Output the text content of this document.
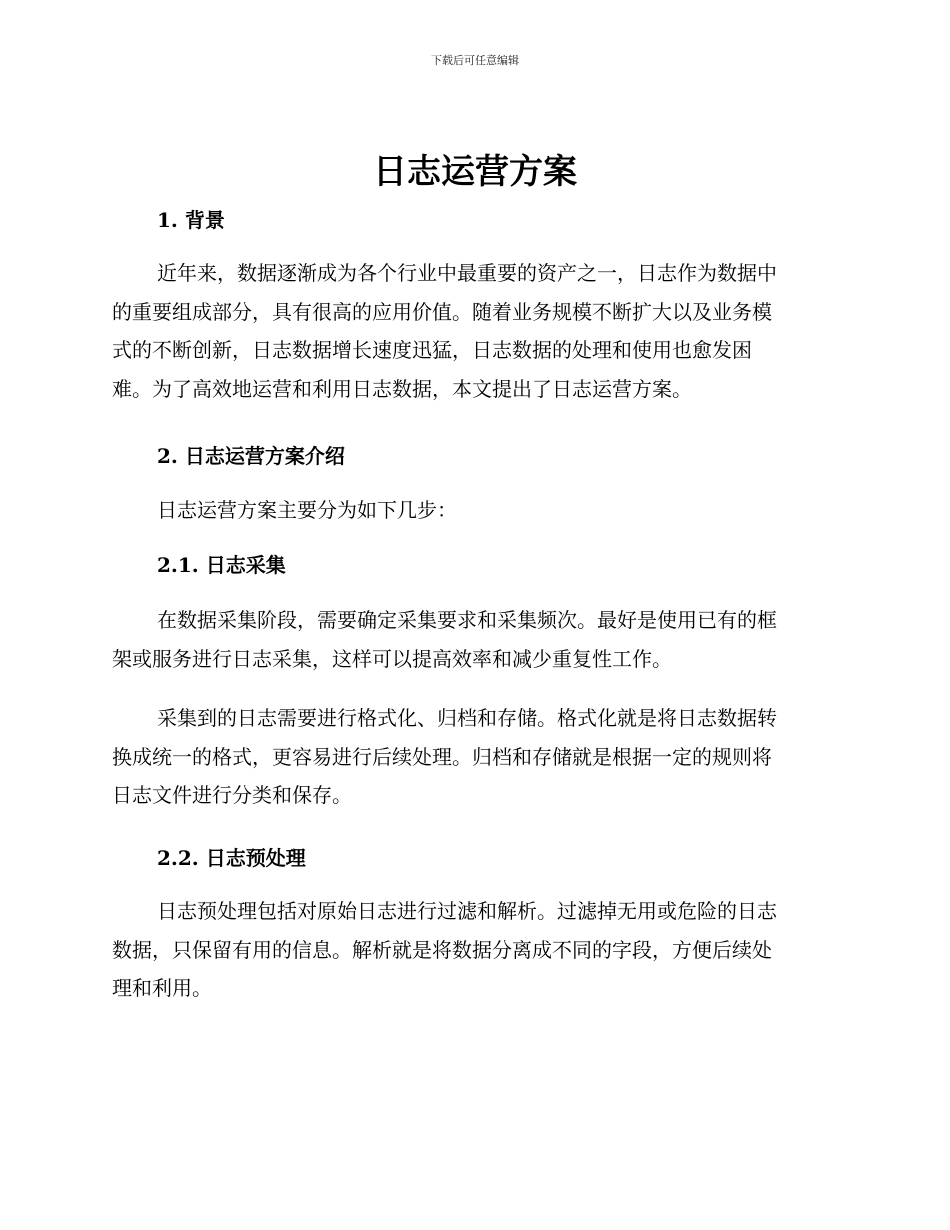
下载后可任意编辑
日志运营方案
1. 背景

近年来，数据逐渐成为各个行业中最重要的资产之一，日志作为数据中
的重要组成部分，具有很高的应用价值。随着业务规模不断扩大以及业务模
式的不断创新，日志数据增长速度迅猛，日志数据的处理和使用也愈发困
难。为了高效地运营和利用日志数据，本文提出了日志运营方案。

2. 日志运营方案介绍

日志运营方案主要分为如下几步：

2.1. 日志采集

在数据采集阶段，需要确定采集要求和采集频次。最好是使用已有的框
架或服务进行日志采集，这样可以提高效率和减少重复性工作。

采集到的日志需要进行格式化、归档和存储。格式化就是将日志数据转
换成统一的格式，更容易进行后续处理。归档和存储就是根据一定的规则将
日志文件进行分类和保存。

2.2. 日志预处理

日志预处理包括对原始日志进行过滤和解析。过滤掉无用或危险的日志
数据，只保留有用的信息。解析就是将数据分离成不同的字段，方便后续处
理和利用。
